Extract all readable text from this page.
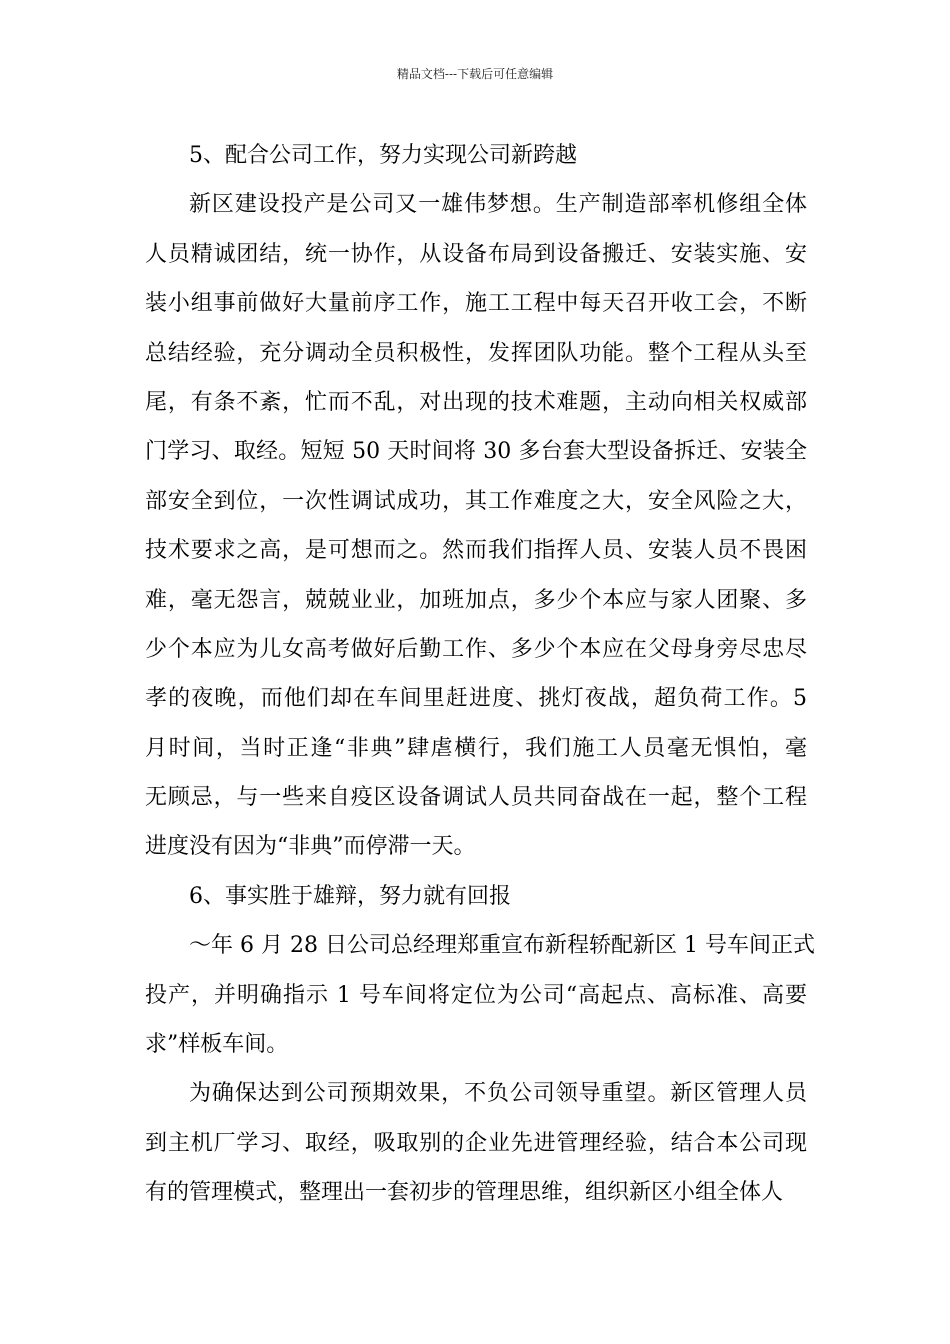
精品文档---下载后可任意编辑
5、配合公司工作，努力实现公司新跨越
新区建设投产是公司又一雄伟梦想。生产制造部率机修组全体
人员精诚团结，统一协作，从设备布局到设备搬迁、安装实施、安
装小组事前做好大量前序工作，施工工程中每天召开收工会，不断
总结经验，充分调动全员积极性，发挥团队功能。整个工程从头至
尾，有条不紊，忙而不乱，对出现的技术难题，主动向相关权威部
门学习、取经。短短 50 天时间将 30 多台套大型设备拆迁、安装全
部安全到位，一次性调试成功，其工作难度之大，安全风险之大，
技术要求之高，是可想而之。然而我们指挥人员、安装人员不畏困
难，毫无怨言，兢兢业业，加班加点，多少个本应与家人团聚、多
少个本应为儿女高考做好后勤工作、多少个本应在父母身旁尽忠尽
孝的夜晚，而他们却在车间里赶进度、挑灯夜战，超负荷工作。5
月时间，当时正逢“非典”肆虐横行，我们施工人员毫无惧怕，毫
无顾忌，与一些来自疫区设备调试人员共同奋战在一起，整个工程
进度没有因为“非典”而停滞一天。
6、事实胜于雄辩，努力就有回报
～年 6 月 28 日公司总经理郑重宣布新程轿配新区 1 号车间正式
投产，并明确指示 1 号车间将定位为公司“高起点、高标准、高要
求”样板车间。
为确保达到公司预期效果，不负公司领导重望。新区管理人员
到主机厂学习、取经，吸取别的企业先进管理经验，结合本公司现
有的管理模式，整理出一套初步的管理思维，组织新区小组全体人
